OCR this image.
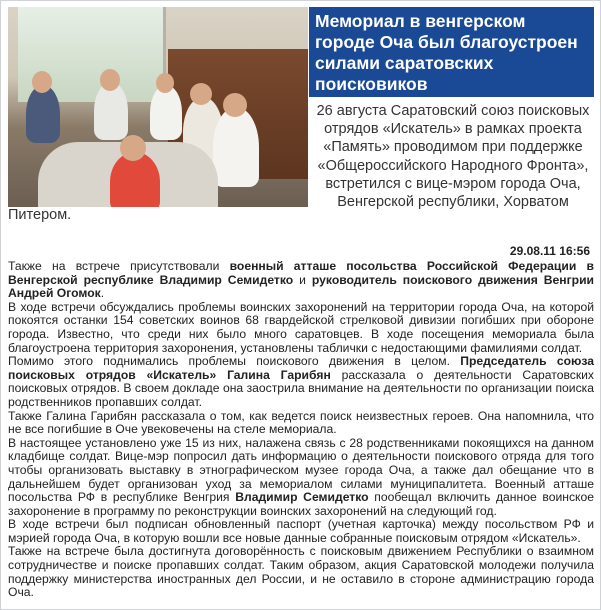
Мемориал в венгерском городе Оча был благоустроен силами саратовских поисковиков
26 августа Саратовский союз поисковых отрядов «Искатель» в рамках проекта «Память» проводимом при поддержке «Общероссийского Народного Фронта», встретился с вице-мэром города Оча, Венгерской республики, Хорватом
Питером.
29.08.11 16:56

Также на встрече присутствовали военный атташе посольства Российской Федерации в Венгерской республике Владимир Семидетко и руководитель поискового движения Венгрии Андрей Огомок.

В ходе встречи обсуждались проблемы воинских захоронений на территории города Оча, на которой покоятся останки 154 советских воинов 68 гвардейской стрелковой дивизии погибших при обороне города. Известно, что среди них было много саратовцев. В ходе посещения мемориала была благоустроена территория захоронения, установлены таблички с недостающими фамилиями солдат.

Помимо этого поднимались проблемы поискового движения в целом. Председатель союза поисковых отрядов «Искатель» Галина Гарибян рассказала о деятельности Саратовских поисковых отрядов. В своем докладе она заострила внимание на деятельности по организации поиска родственников пропавших солдат.

Также Галина Гарибян рассказала о том, как ведется поиск неизвестных героев. Она напомнила, что не все погибшие в Оче увековечены на стеле мемориала.

В настоящее установлено уже 15 из них, налажена связь с 28 родственниками покоящихся на данном кладбище солдат. Вице-мэр попросил дать информацию о деятельности поискового отряда для того чтобы организовать выставку в этнографическом музее города Оча, а также дал обещание что в дальнейшем будет организован уход за мемориалом силами муниципалитета. Военный атташе посольства РФ в республике Венгрия Владимир Семидетко пообещал включить данное воинское захоронение в программу по реконструкции воинских захоронений на следующий год.

В ходе встречи был подписан обновленный паспорт (учетная карточка) между посольством РФ и мэрией города Оча, в которую вошли все новые данные собранные поисковым отрядом «Искатель».

Также на встрече была достигнута договорённость с поисковым движением Республики о взаимном сотрудничестве и поиске пропавших солдат. Таким образом, акция Саратовской молодежи получила поддержку министерства иностранных дел России, и не оставило в стороне администрацию города Оча.
